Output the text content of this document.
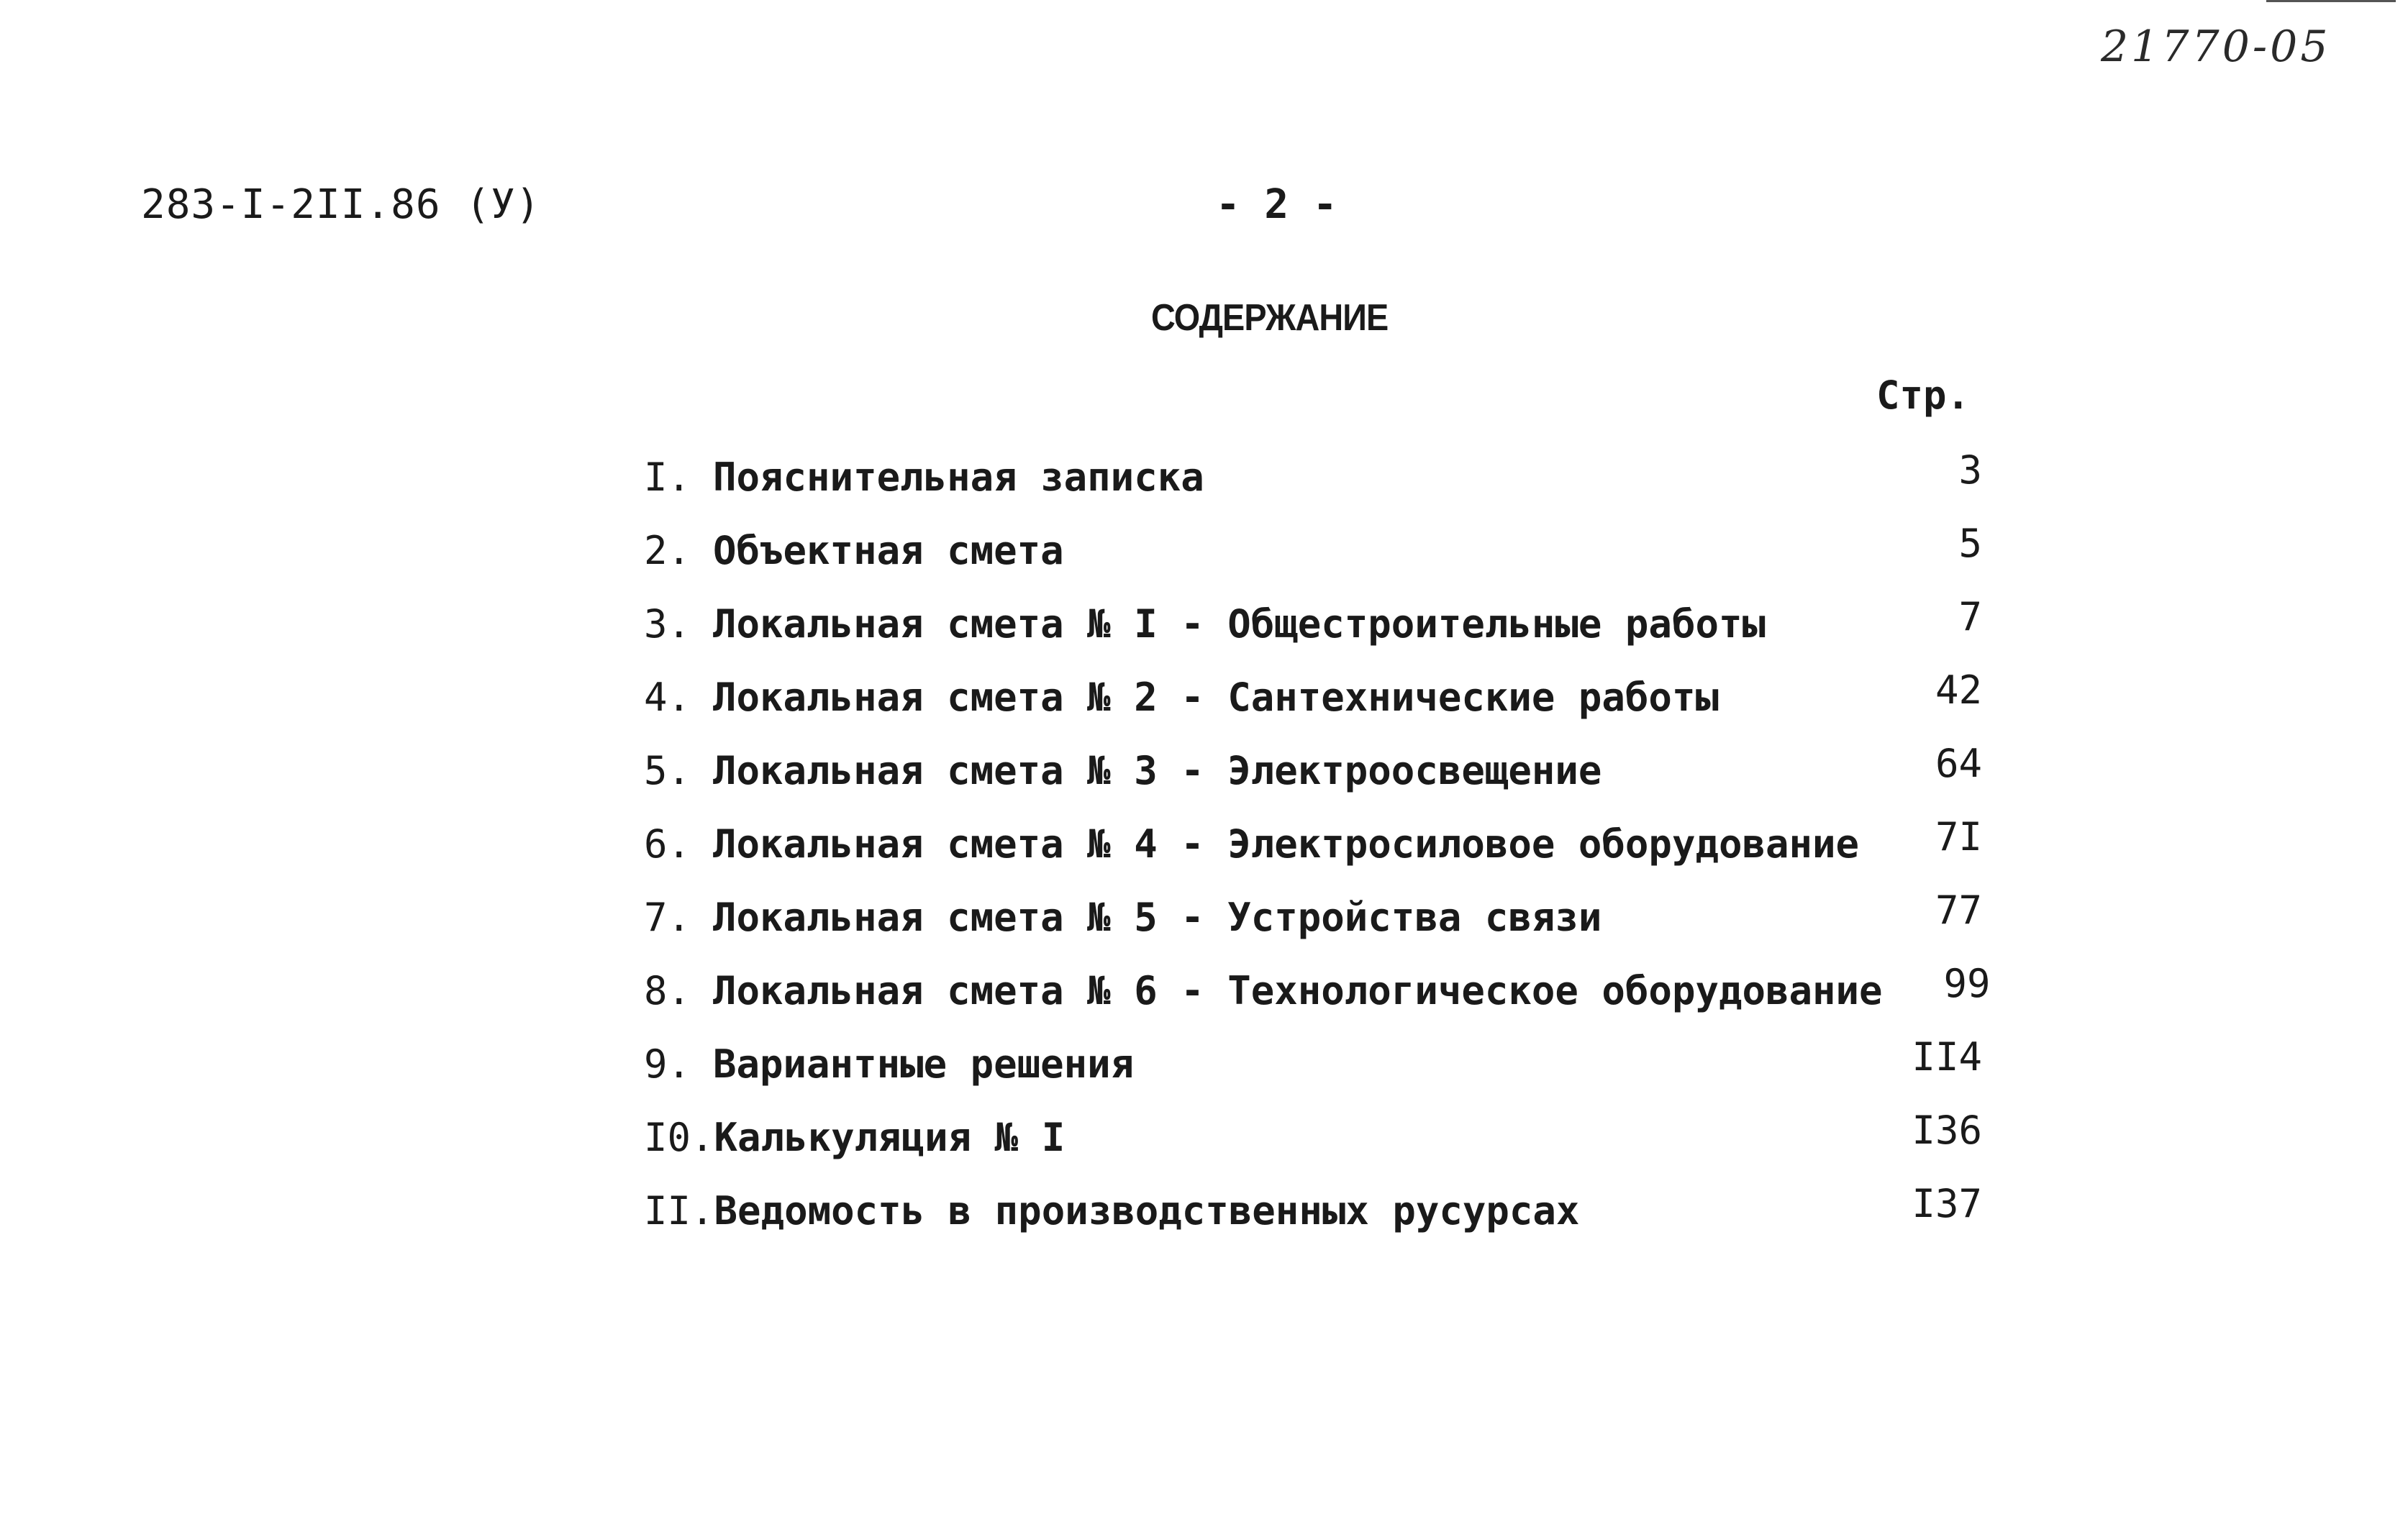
21770-05
283-I-2II.86 (У)	- 2 -
СОДЕРЖАНИЕ
Стр.
I. Пояснительная записка	3
2. Объектная смета	5
3. Локальная смета № I - Общестроительные работы	7
4. Локальная смета № 2 - Сантехнические работы	42
5. Локальная смета № 3 - Электроосвещение	64
6. Локальная смета № 4 - Электросиловое оборудование	7I
7. Локальная смета № 5 - Устройства связи	77
8. Локальная смета № 6 - Технологическое оборудование	99
9. Вариантные решения	II4
I0. Калькуляция № I	I36
II. Ведомость в производственных русурсах	I37
